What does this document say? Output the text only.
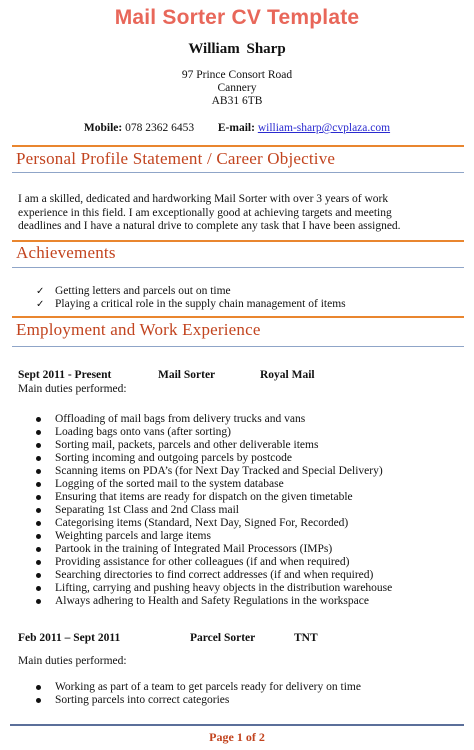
Mail Sorter CV Template
William Sharp
97 Prince Consort Road
Cannery
AB31 6TB
Mobile: 078 2362 6453 E-mail: william-sharp@cvplaza.com
Personal Profile Statement / Career Objective
I am a skilled, dedicated and hardworking Mail Sorter with over 3 years of work
experience in this field. I am exceptionally good at achieving targets and meeting
deadlines and I have a natural drive to complete any task that I have been assigned.
Achievements
✓ Getting letters and parcels out on time
✓ Playing a critical role in the supply chain management of items
Employment and Work Experience
Sept 2011 - Present	Mail Sorter	Royal Mail
Main duties performed:
Offloading of mail bags from delivery trucks and vans
Loading bags onto vans (after sorting)
Sorting mail, packets, parcels and other deliverable items
Sorting incoming and outgoing parcels by postcode
Scanning items on PDA’s (for Next Day Tracked and Special Delivery)
Logging of the sorted mail to the system database
Ensuring that items are ready for dispatch on the given timetable
Separating 1st Class and 2nd Class mail
Categorising items (Standard, Next Day, Signed For, Recorded)
Weighting parcels and large items
Partook in the training of Integrated Mail Processors (IMPs)
Providing assistance for other colleagues (if and when required)
Searching directories to find correct addresses (if and when required)
Lifting, carrying and pushing heavy objects in the distribution warehouse
Always adhering to Health and Safety Regulations in the workspace
Feb 2011 – Sept 2011	Parcel Sorter	TNT
Main duties performed:
Working as part of a team to get parcels ready for delivery on time
Sorting parcels into correct categories
Page 1 of 2
